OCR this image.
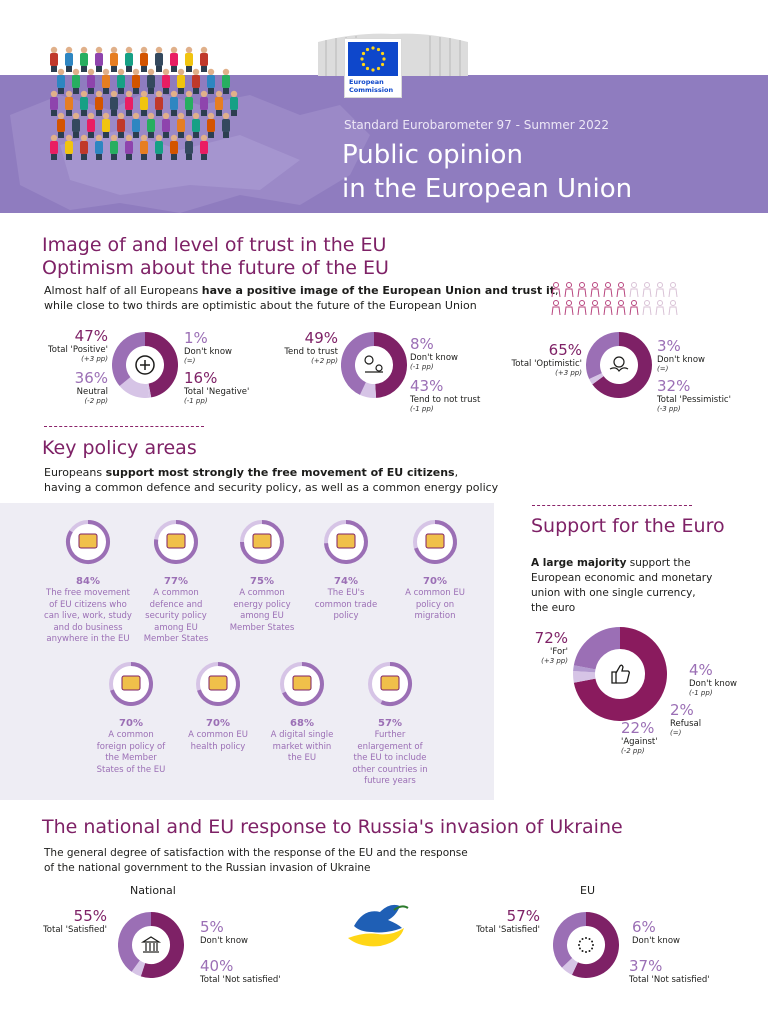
European
Commission
Standard Eurobarometer 97 - Summer 2022
Public opinion
in the European Union
Image of and level of trust in the EU
Optimism about the future of the EU
Almost half of all Europeans have a positive image of the European Union and trust it,
while close to two thirds are optimistic about the future of the European Union
47%
Total 'Positive'
(+3 pp)
36%
Neutral
(-2 pp)
1%
Don't know
(=)
16%
Total 'Negative'
(-1 pp)
49%
Tend to trust
(+2 pp)
8%
Don't know
(-1 pp)
43%
Tend to not trust
(-1 pp)
65%
Total 'Optimistic'
(+3 pp)
3%
Don't know
(=)
32%
Total 'Pessimistic'
(-3 pp)
Key policy areas
Europeans support most strongly the free movement of EU citizens,
having a common defence and security policy, as well as a common energy policy
84%
The free movement
of EU citizens who
can live, work, study
and do business
anywhere in the EU
77%
A common
defence and
security policy
among EU
Member States
75%
A common
energy policy
among EU
Member States
74%
The EU's
common trade
policy
70%
A common EU
policy on
migration
70%
A common
foreign policy of
the Member
States of the EU
70%
A common EU
health policy
68%
A digital single
market within
the EU
57%
Further
enlargement of
the EU to include
other countries in
future years
Support for the Euro
A large majority support the
European economic and monetary
union with one single currency,
the euro
72%
'For'
(+3 pp)	4%
Don't know
(-1 pp)
2%
Refusal
(=)
22%
'Against'
(-2 pp)
The national and EU response to Russia's invasion of Ukraine
The general degree of satisfaction with the response of the EU and the response
of the national government to the Russian invasion of Ukraine
National
55%
Total 'Satisfied'	5%
Don't know
40%
Total 'Not satisfied'
EU
57%
Total 'Satisfied'	6%
Don't know
37%
Total 'Not satisfied'
